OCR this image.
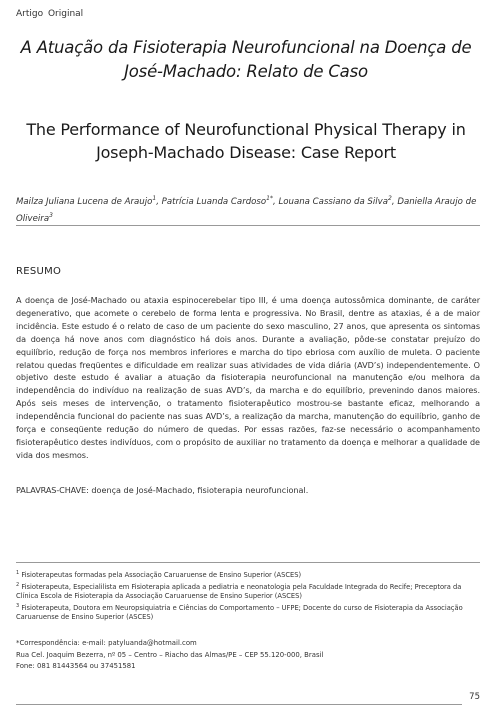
Artigo Original
A Atuação da Fisioterapia Neurofuncional na Doença de José-Machado: Relato de Caso
The Performance of Neurofunctional Physical Therapy in Joseph-Machado Disease: Case Report
Mailza Juliana Lucena de Araujo$^1$, Patrícia Luanda Cardoso$^{1*}$, Louana Cassiano da Silva$^2$, Daniella Araujo de Oliveira$^3$
RESUMO
A doença de José-Machado ou ataxia espinocerebelar tipo III, é uma doença autossômica dominante, de caráter degenerativo, que acomete o cerebelo de forma lenta e progressiva. No Brasil, dentre as ataxias, é a de maior incidência. Este estudo é o relato de caso de um paciente do sexo masculino, 27 anos, que apresenta os sintomas da doença há nove anos com diagnóstico há dois anos. Durante a avaliação, pôde-se constatar prejuízo do equilíbrio, redução de força nos membros inferiores e marcha do tipo ebriosa com auxílio de muleta. O paciente relatou quedas freqüentes e dificuldade em realizar suas atividades de vida diária (AVD’s) independentemente. O objetivo deste estudo é avaliar a atuação da fisioterapia neurofuncional na manutenção e/ou melhora da independência do indivíduo na realização de suas AVD’s, da marcha e do equilíbrio, prevenindo danos maiores. Após seis meses de intervenção, o tratamento fisioterapêutico mostrou-se bastante eficaz, melhorando a independência funcional do paciente nas suas AVD’s, a realização da marcha, manutenção do equilíbrio, ganho de força e conseqüente redução do número de quedas. Por essas razões, faz-se necessário o acompanhamento fisioterapêutico destes indivíduos, com o propósito de auxiliar no tratamento da doença e melhorar a qualidade de vida dos mesmos.
PALAVRAS-CHAVE: doença de José-Machado, fisioterapia neurofuncional.

$^1$ Fisioterapeutas formadas pela Associação Caruaruense de Ensino Superior (ASCES)

$^2$ Fisioterapeuta, Especialilista em Fisioterapia aplicada a pediatria e neonatologia pela Faculdade Integrada do Recife; Preceptora da Clínica Escola de Fisioterapia da Associação Caruaruense de Ensino Superior (ASCES)

$^3$ Fisioterapeuta, Doutora em Neuropsiquiatria e Ciências do Comportamento – UFPE; Docente do curso de Fisioterapia da Associação Caruaruense de Ensino Superior (ASCES)

*Correspondência: e-mail: patyluanda@hotmail.com

Rua Cel. Joaquim Bezerra, nº 05 – Centro – Riacho das Almas/PE – CEP 55.120-000, Brasil

Fone: 081 81443564 ou 37451581

75
